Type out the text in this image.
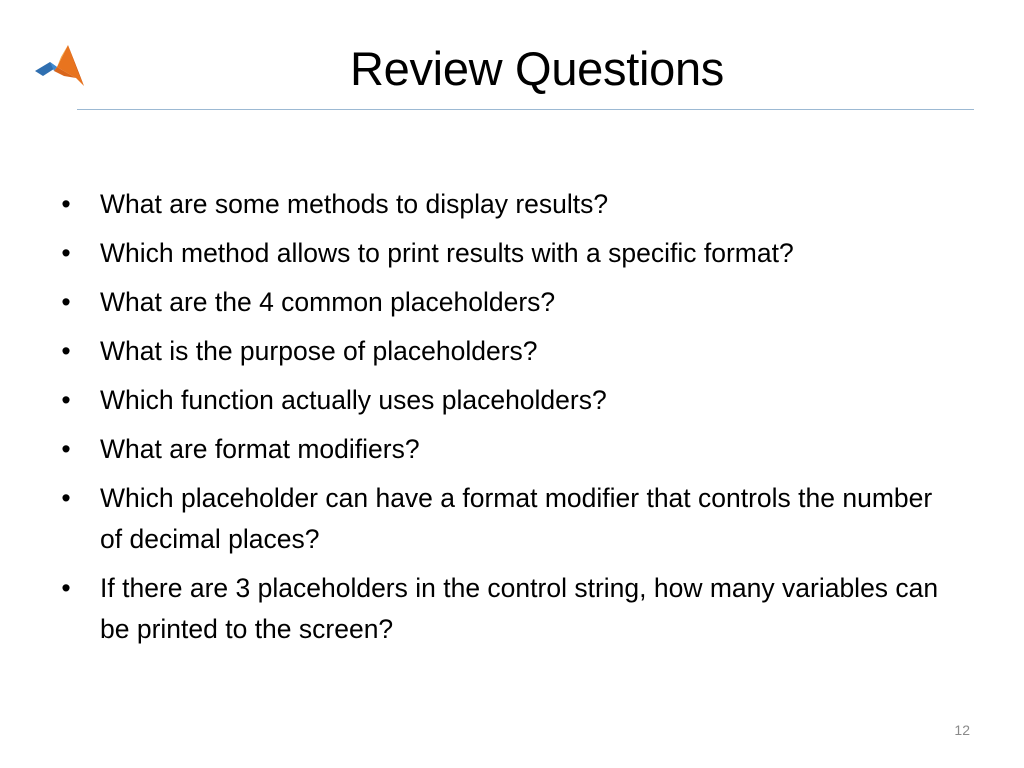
Review Questions
• What are some methods to display results?
• Which method allows to print results with a specific format?
• What are the 4 common placeholders?
• What is the purpose of placeholders?
• Which function actually uses placeholders?
• What are format modifiers?
• Which placeholder can have a format modifier that controls the number of decimal places?
• If there are 3 placeholders in the control string, how many variables can be printed to the screen?
12
